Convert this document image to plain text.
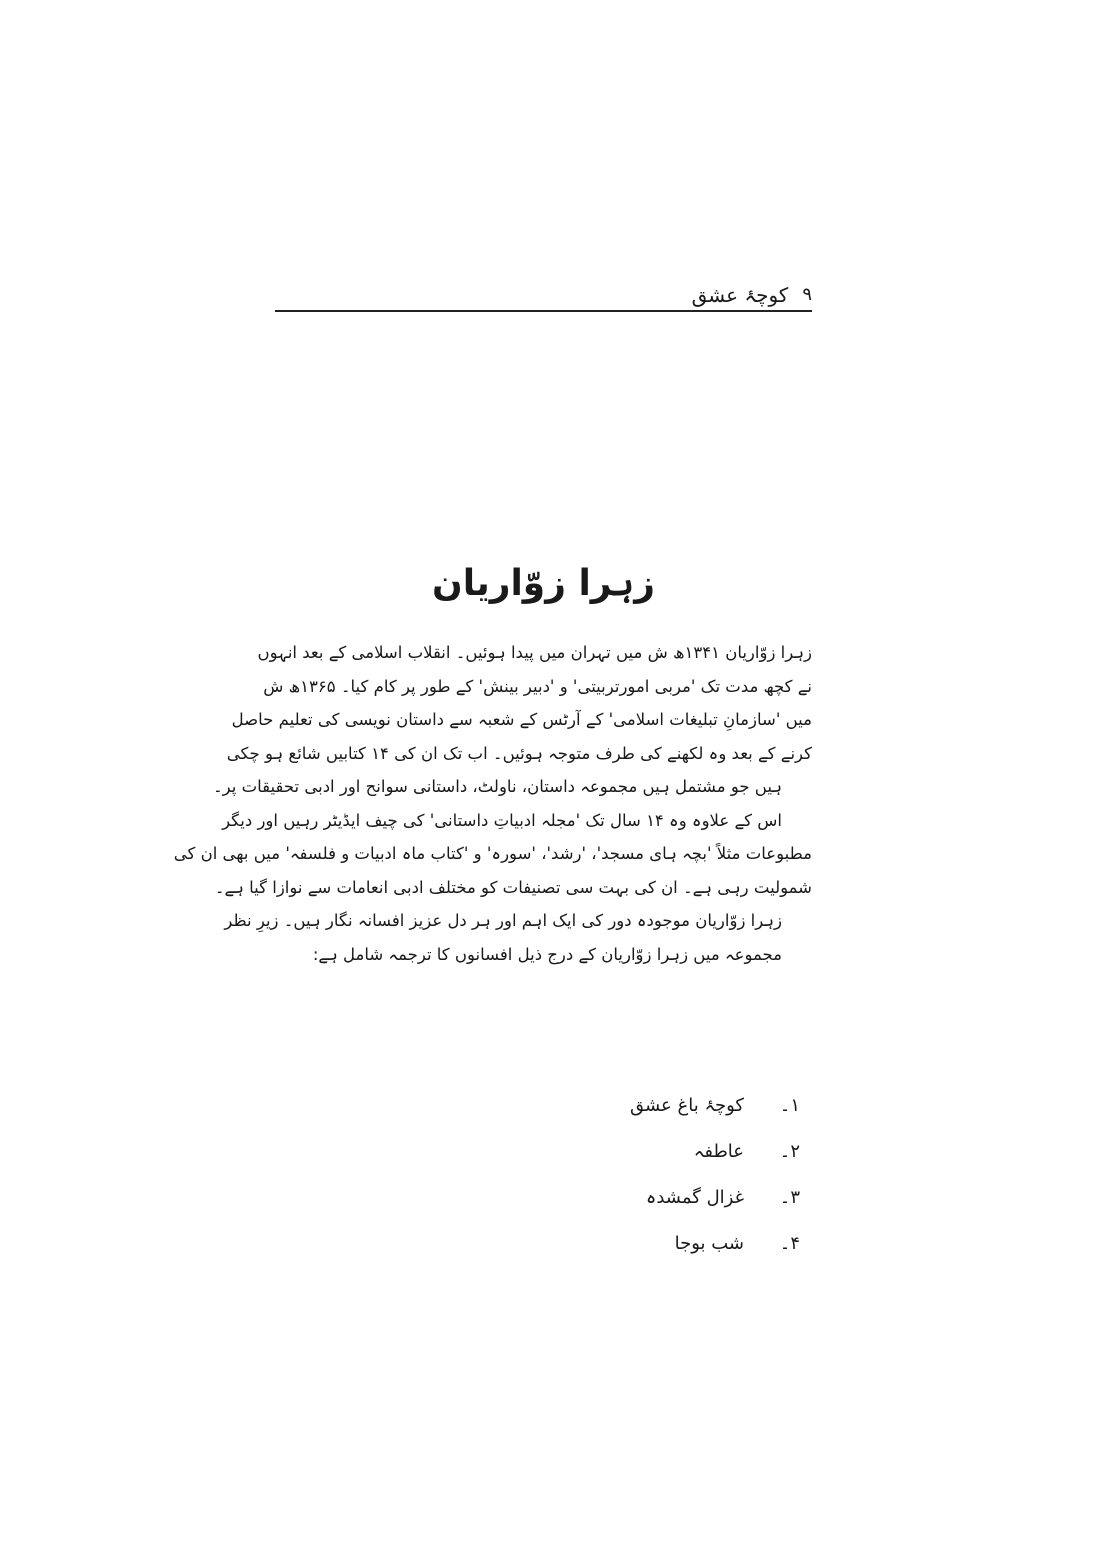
کوچۂ عشق ۹
زہرا زوّاریان

زہرا زوّاریان ۱۳۴۱ھ ش میں تہران میں پیدا ہوئیں۔ انقلاب اسلامی کے بعد انہوں
نے کچھ مدت تک 'مربی امورتربیتی' و 'دبیر بینش' کے طور پر کام کیا۔ ۱۳۶۵ھ ش
میں 'سازمانِ تبلیغات اسلامی' کے آرٹس کے شعبہ سے داستان نویسی کی تعلیم حاصل
کرنے کے بعد وہ لکھنے کی طرف متوجہ ہوئیں۔ اب تک ان کی ۱۴ کتابیں شائع ہو چکی
ہیں جو مشتمل ہیں مجموعہ داستان، ناولٹ، داستانی سوانح اور ادبی تحقیقات پر۔

اس کے علاوہ وہ ۱۴ سال تک 'مجلہ ادبیاتِ داستانی' کی چیف ایڈیٹر رہیں اور دیگر
مطبوعات مثلاً 'بچہ ہای مسجد'، 'رشد'، 'سورہ' و 'کتاب ماہ ادبیات و فلسفہ' میں بھی ان کی
شمولیت رہی ہے۔ ان کی بہت سی تصنیفات کو مختلف ادبی انعامات سے نوازا گیا ہے۔

زہرا زوّاریان موجودہ دور کی ایک اہم اور ہر دل عزیز افسانہ نگار ہیں۔ زیرِ نظر
مجموعہ میں زہرا زوّاریان کے درج ذیل افسانوں کا ترجمہ شامل ہے:

۱۔
کوچۂ باغ عشق
۲۔
عاطفہ
۳۔
غزال گمشدہ
۴۔
شب بوجا
